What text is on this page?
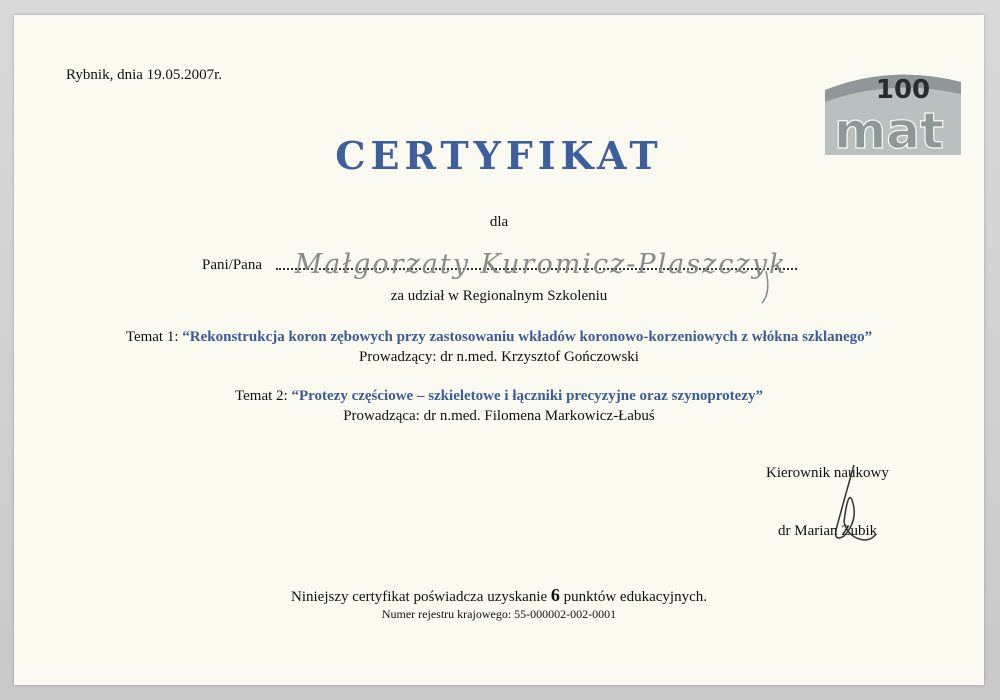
Rybnik, dnia 19.05.2007r.	100
mat
CERTYFIKAT
dla
Pani/Pana Małgorzaty Kuromicz-Plaszczyk
za udział w Regionalnym Szkoleniu
Temat 1: “Rekonstrukcja koron zębowych przy zastosowaniu wkładów koronowo-korzeniowych z włókna szklanego”
Prowadzący: dr n.med. Krzysztof Gończowski
Temat 2: “Protezy częściowe – szkieletowe i łączniki precyzyjne oraz szynoprotezy”
Prowadząca: dr n.med. Filomena Markowicz-Łabuś
Kierownik naukowy
dr Marian Zubik
Niniejszy certyfikat poświadcza uzyskanie 6 punktów edukacyjnych.
Numer rejestru krajowego: 55-000002-002-0001
